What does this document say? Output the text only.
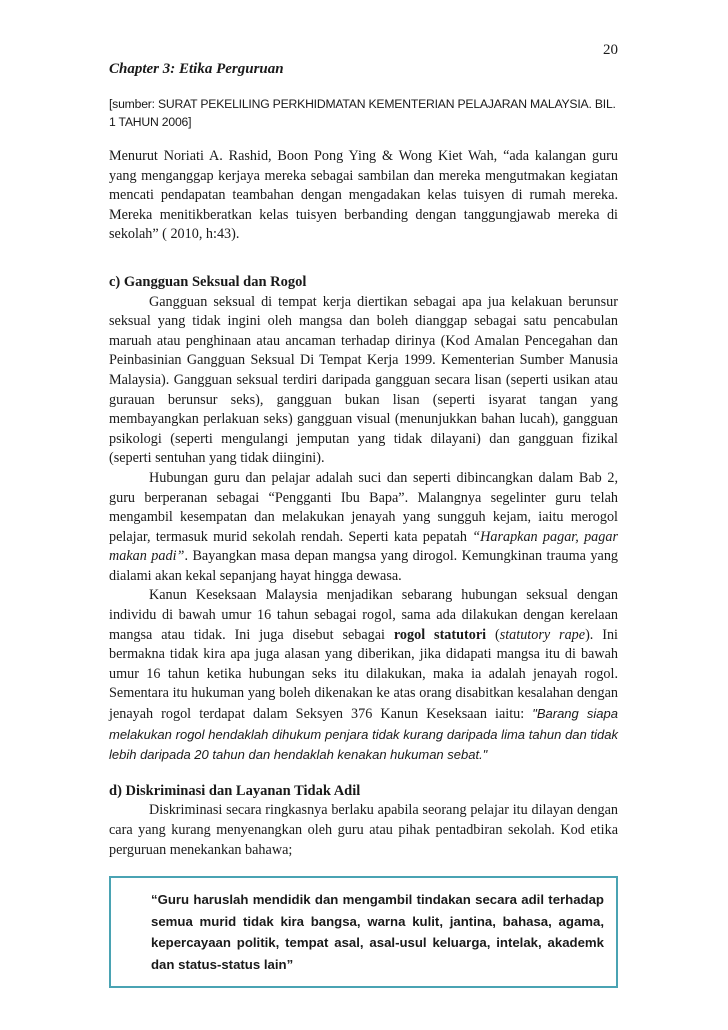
20

Chapter 3: Etika Perguruan

[sumber: SURAT PEKELILING PERKHIDMATAN KEMENTERIAN PELAJARAN MALAYSIA. BIL. 1 TAHUN 2006]

Menurut Noriati A. Rashid, Boon Pong Ying & Wong Kiet Wah, “ada kalangan guru yang menganggap kerjaya mereka sebagai sambilan dan mereka mengutmakan kegiatan mencati pendapatan teambahan dengan mengadakan kelas tuisyen di rumah mereka. Mereka menitikberatkan kelas tuisyen berbanding dengan tanggungjawab mereka di sekolah” ( 2010, h:43).

c) Gangguan Seksual dan Rogol

Gangguan seksual di tempat kerja diertikan sebagai apa jua kelakuan berunsur seksual yang tidak ingini oleh mangsa dan boleh dianggap sebagai satu pencabulan maruah atau penghinaan atau ancaman terhadap dirinya (Kod Amalan Pencegahan dan Peinbasinian Gangguan Seksual Di Tempat Kerja 1999. Kementerian Sumber Manusia Malaysia). Gangguan seksual terdiri daripada gangguan secara lisan (seperti usikan atau gurauan berunsur seks), gangguan bukan lisan (seperti isyarat tangan yang membayangkan perlakuan seks) gangguan visual (menunjukkan bahan lucah), gangguan psikologi (seperti mengulangi jemputan yang tidak dilayani) dan gangguan fizikal (seperti sentuhan yang tidak diingini).

Hubungan guru dan pelajar adalah suci dan seperti dibincangkan dalam Bab 2, guru berperanan sebagai “Pengganti Ibu Bapa”. Malangnya segelinter guru telah mengambil kesempatan dan melakukan jenayah yang sungguh kejam, iaitu merogol pelajar, termasuk murid sekolah rendah. Seperti kata pepatah “Harapkan pagar, pagar makan padi”. Bayangkan masa depan mangsa yang dirogol. Kemungkinan trauma yang dialami akan kekal sepanjang hayat hingga dewasa.

Kanun Keseksaan Malaysia menjadikan sebarang hubungan seksual dengan individu di bawah umur 16 tahun sebagai rogol, sama ada dilakukan dengan kerelaan mangsa atau tidak. Ini juga disebut sebagai rogol statutori (statutory rape). Ini bermakna tidak kira apa juga alasan yang diberikan, jika didapati mangsa itu di bawah umur 16 tahun ketika hubungan seks itu dilakukan, maka ia adalah jenayah rogol. Sementara itu hukuman yang boleh dikenakan ke atas orang disabitkan kesalahan dengan jenayah rogol terdapat dalam Seksyen 376 Kanun Keseksaan iaitu: "Barang siapa melakukan rogol hendaklah dihukum penjara tidak kurang daripada lima tahun dan tidak lebih daripada 20 tahun dan hendaklah kenakan hukuman sebat."

d) Diskriminasi dan Layanan Tidak Adil

Diskriminasi secara ringkasnya berlaku apabila seorang pelajar itu dilayan dengan cara yang kurang menyenangkan oleh guru atau pihak pentadbiran sekolah. Kod etika perguruan menekankan bahawa;

“Guru haruslah mendidik dan mengambil tindakan secara adil terhadap semua murid tidak kira bangsa, warna kulit, jantina, bahasa, agama, kepercayaan politik, tempat asal, asal-usul keluarga, intelak, akademk dan status-status lain”
